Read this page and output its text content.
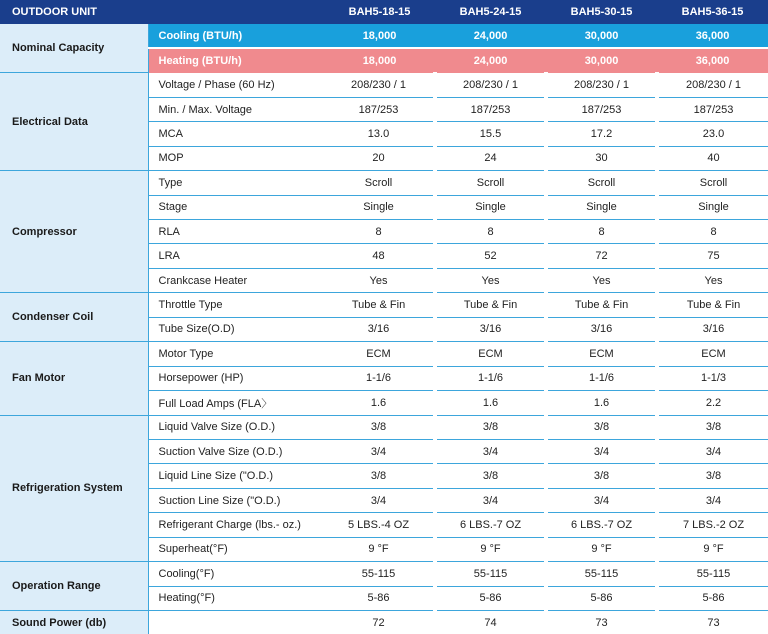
OUTDOOR UNIT		BAH5-18-15	BAH5-24-15	BAH5-30-15	BAH5-36-15
Nominal Capacity	Cooling (BTU/h)	18,000	24,000	30,000	36,000
	Heating (BTU/h)	18,000	24,000	30,000	36,000
Electrical Data	Voltage / Phase (60 Hz)	208/230 / 1	208/230 / 1	208/230 / 1	208/230 / 1
	Min. / Max. Voltage	187/253	187/253	187/253	187/253
	MCA	13.0	15.5	17.2	23.0
	MOP	20	24	30	40
Compressor	Type	Scroll	Scroll	Scroll	Scroll
	Stage	Single	Single	Single	Single
	RLA	8	8	8	8
	LRA	48	52	72	75
	Crankcase Heater	Yes	Yes	Yes	Yes
Condenser Coil	Throttle Type	Tube & Fin	Tube & Fin	Tube & Fin	Tube & Fin
	Tube Size(O.D)	3/16	3/16	3/16	3/16
Fan Motor	Motor Type	ECM	ECM	ECM	ECM
	Horsepower (HP)	1-1/6	1-1/6	1-1/6	1-1/3
	Full Load Amps (FLA〉	1.6	1.6	1.6	2.2
Refrigeration System	Liquid Valve Size (O.D.)	3/8	3/8	3/8	3/8
	Suction Valve Size (O.D.)	3/4	3/4	3/4	3/4
	Liquid Line Size ("O.D.)	3/8	3/8	3/8	3/8
	Suction Line Size ("O.D.)	3/4	3/4	3/4	3/4
	Refrigerant Charge (lbs.- oz.)	5 LBS.-4 OZ	6 LBS.-7 OZ	6 LBS.-7 OZ	7 LBS.-2 OZ
	Superheat(°F)	9 °F	9 °F	9 °F	9 °F
Operation Range	Cooling(°F)	55-115	55-115	55-115	55-115
	Heating(°F)	5-86	5-86	5-86	5-86
Sound Power (db)		72	74	73	73
